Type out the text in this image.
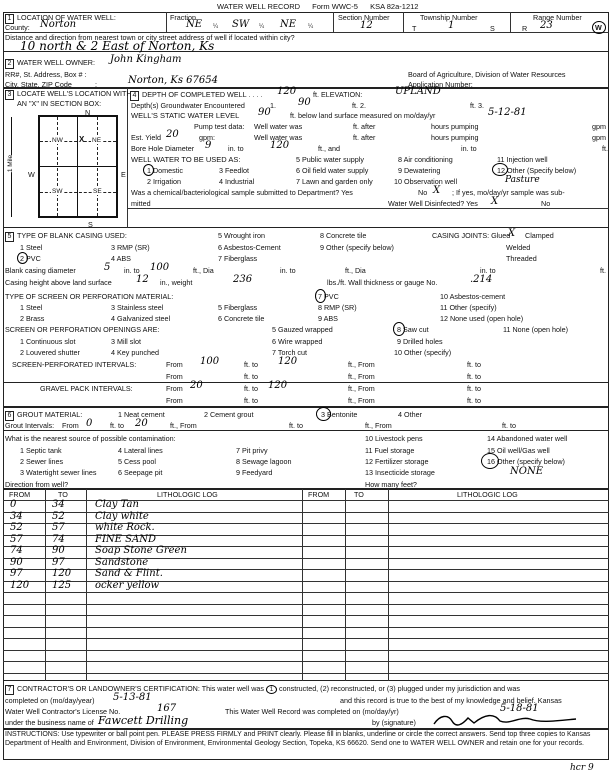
WATER WELL RECORD Form WWC-5 KSA 82a-1212
1 LOCATION OF WATER WELL:
County: Norton
Fraction
NE ¼ SW ¼ NE ¼
Section Number
12
Township Number
T	1	S
Range Number
R 23	W
Distance and direction from nearest town or city street address of well if located within city?
10 north & 2 East of Norton, Ks
2 WATER WELL OWNER: John Kingham
RR#, St. Address, Box # :
City, State, ZIP Code	:	Norton, Ks 67654
Board of Agriculture, Division of Water Resources
Application Number:
3 LOCATE WELL'S LOCATION WITH
AN "X" IN SECTION BOX:
N
S
W	E
NW	NE
SW	SE
X
1 Mile
4 DEPTH OF COMPLETED WELL . . . . 120 ft. ELEVATION:	UPLAND
Depth(s) Groundwater Encountered	1. 90	ft. 2.	ft. 3.
WELL'S STATIC WATER LEVEL 90	ft. below land surface measured on mo/day/yr	5-12-81
Pump test data: Well water was	ft. after	hours pumping	gpm
Est. Yield 20	gpm:	Well water was	ft. after	hours pumping	gpm
Bore Hole Diameter 9 in. to	120	ft., and	in. to	ft.
WELL WATER TO BE USED AS:
1 Domestic
2 Irrigation
3 Feedlot
4 Industrial
5 Public water supply
6 Oil field water supply
7 Lawn and garden only
8 Air conditioning
9 Dewatering
10 Observation well
11 Injection well
12 Other (Specify below)
Pasture
Was a chemical/bacteriological sample submitted to Department? Yes	No X ; If yes, mo/day/yr sample was sub-
mitted	Water Well Disinfected? Yes X	No
5 TYPE OF BLANK CASING USED:
1 Steel
2 PVC
3 RMP (SR)
4 ABS
5 Wrought iron
6 Asbestos-Cement
7 Fiberglass
8 Concrete tile
9 Other (specify below)
CASING JOINTS: Glued
X Clamped
Welded
Threaded
Blank casing diameter	5 in. to 100	ft., Dia	in. to	ft., Dia	in. to	ft.
Casing height above land surface 12 in., weight	236	lbs./ft. Wall thickness or gauge No.	.214
TYPE OF SCREEN OR PERFORATION MATERIAL:
1 Steel
2 Brass
3 Stainless steel
4 Galvanized steel
5 Fiberglass
6 Concrete tile
7 PVC
8 RMP (SR)
9 ABS
10 Asbestos-cement
11 Other (specify)
12 None used (open hole)
SCREEN OR PERFORATION OPENINGS ARE:
1 Continuous slot
2 Louvered shutter
3 Mill slot
4 Key punched
5 Gauzed wrapped
6 Wire wrapped
7 Torch cut
8 Saw cut
9 Drilled holes
10 Other (specify)
11 None (open hole)
SCREEN-PERFORATED INTERVALS:	From 100	ft. to 120	ft., From	ft. to
From	ft. to	ft., From	ft. to
GRAVEL PACK INTERVALS:	From 20	ft. to 120	ft., From	ft. to
From	ft. to	ft., From	ft. to
6 GROUT MATERIAL:	1 Neat cement	2 Cement grout	3 Bentonite	4 Other
Grout Intervals: From 0 ft. to 20	ft., From	ft. to	ft., From	ft. to
What is the nearest source of possible contamination:
1 Septic tank
2 Sewer lines
3 Watertight sewer lines
4 Lateral lines
5 Cess pool
6 Seepage pit
7 Pit privy
8 Sewage lagoon
9 Feedyard
10 Livestock pens
11 Fuel storage
12 Fertilizer storage
13 Insecticide storage
14 Abandoned water well
15 Oil well/Gas well
16 Other (specify below)
NONE
Direction from well?	How many feet?
FROM	TO	LITHOLOGIC LOG	FROM	TO	LITHOLOGIC LOG
0	34	Clay Tan
34	52	Clay white
52	57	white Rock.
57	74	FINE SAND
74	90	Soap Stone Green
90	97	Sandstone
97	120 Sand & Flint.
120 125 ocker yellow
7 CONTRACTOR'S OR LANDOWNER'S CERTIFICATION: This water well was 1 constructed, (2) reconstructed, or (3) plugged under my jurisdiction and was
completed on (mo/day/year) 5-13-81	and this record is true to the best of my knowledge and belief. Kansas
Water Well Contractor's License No.	167	This Water Well Record was completed on (mo/day/yr)	5-18-81
under the business name of Fawcett Drilling	by (signature)
INSTRUCTIONS: Use typewriter or ball point pen. PLEASE PRESS FIRMLY and PRINT clearly. Please fill in blanks, underline or circle the correct answers. Send top three copies to Kansas Department of Health and Environment, Division of Environment, Environmental Geology Section, Topeka, KS 66620. Send one to WATER WELL OWNER and retain one for your records.
hcr 9
